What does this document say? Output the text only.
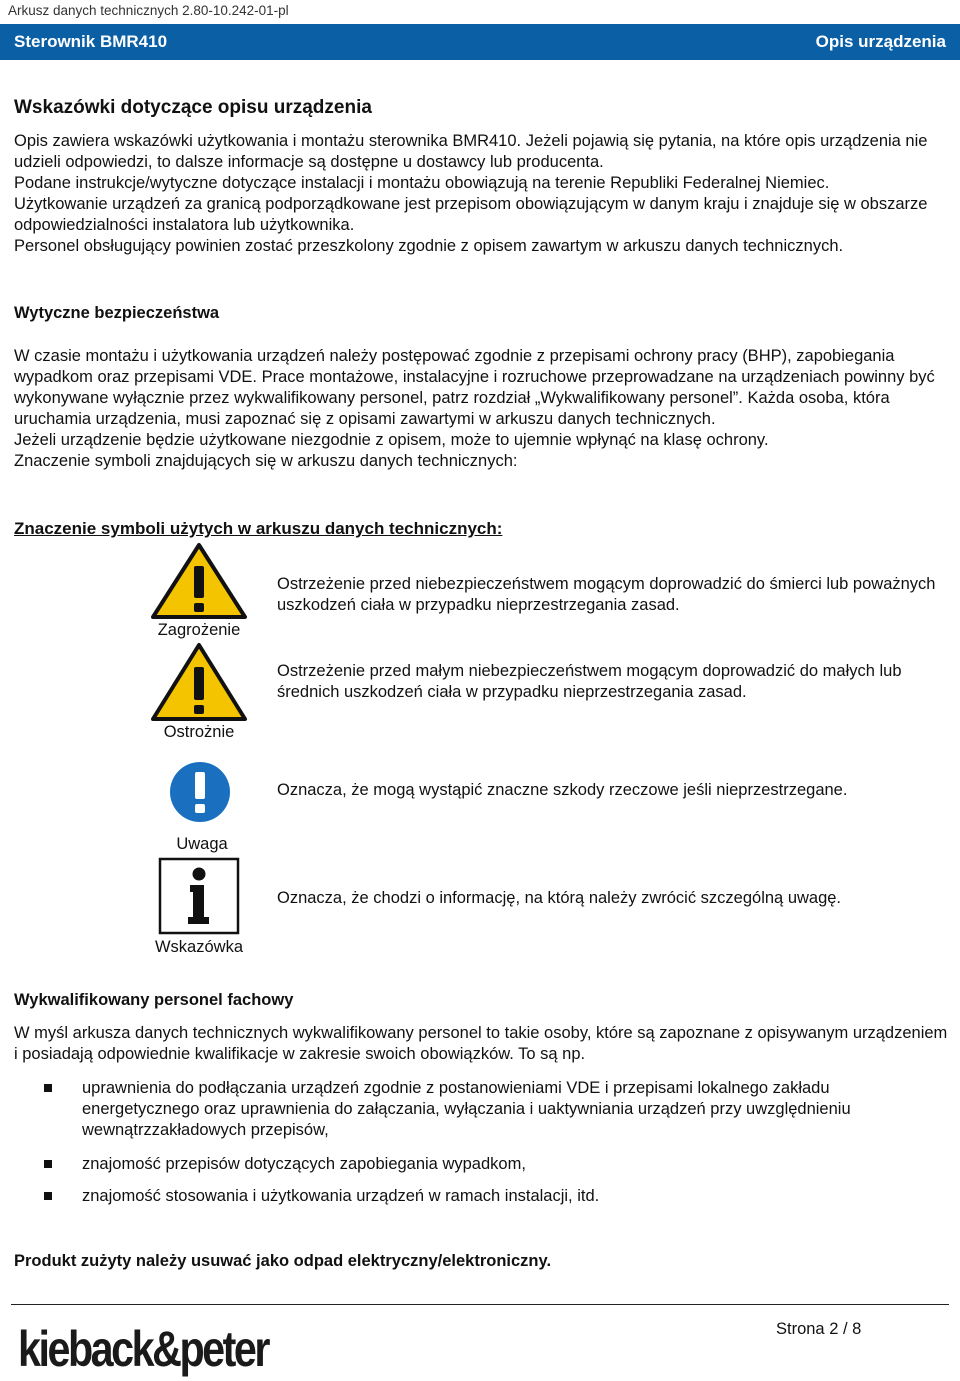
Arkusz danych technicznych 2.80-10.242-01-pl
Sterownik BMR410	Opis urządzenia
Wskazówki dotyczące opisu urządzenia

Opis zawiera wskazówki użytkowania i montażu sterownika BMR410. Jeżeli pojawią się pytania, na które opis urządzenia nie udzieli odpowiedzi, to dalsze informacje są dostępne u dostawcy lub producenta.

Podane instrukcje/wytyczne dotyczące instalacji i montażu obowiązują na terenie Republiki Federalnej Niemiec.

Użytkowanie urządzeń za granicą podporządkowane jest przepisom obowiązującym w danym kraju i znajduje się w obszarze odpowiedzialności instalatora lub użytkownika.

Personel obsługujący powinien zostać przeszkolony zgodnie z opisem zawartym w arkuszu danych technicznych.

Wytyczne bezpieczeństwa

W czasie montażu i użytkowania urządzeń należy postępować zgodnie z przepisami ochrony pracy (BHP), zapobiegania wypadkom oraz przepisami VDE. Prace montażowe, instalacyjne i rozruchowe przeprowadzane na urządzeniach powinny być wykonywane wyłącznie przez wykwalifikowany personel, patrz rozdział „Wykwalifikowany personel”. Każda osoba, która uruchamia urządzenia, musi zapoznać się z opisami zawartymi w arkuszu danych technicznych.

Jeżeli urządzenie będzie użytkowane niezgodnie z opisem, może to ujemnie wpłynąć na klasę ochrony.

Znaczenie symboli znajdujących się w arkuszu danych technicznych:

Znaczenie symboli użytych w arkuszu danych technicznych:
Zagrożenie
Ostrzeżenie przed niebezpieczeństwem mogącym doprowadzić do śmierci lub poważnych uszkodzeń ciała w przypadku nieprzestrzegania zasad.
Ostrożnie
Ostrzeżenie przed małym niebezpieczeństwem mogącym doprowadzić do małych lub średnich uszkodzeń ciała w przypadku nieprzestrzegania zasad.
Uwaga
Oznacza, że mogą wystąpić znaczne szkody rzeczowe jeśli nieprzestrzegane.
Wskazówka
Oznacza, że chodzi o informację, na którą należy zwrócić szczególną uwagę.
Wykwalifikowany personel fachowy
W myśl arkusza danych technicznych wykwalifikowany personel to takie osoby, które są zapoznane z opisywanym urządzeniem i posiadają odpowiednie kwalifikacje w zakresie swoich obowiązków. To są np.
uprawnienia do podłączania urządzeń zgodnie z postanowieniami VDE i przepisami lokalnego zakładu energetycznego oraz uprawnienia do załączania, wyłączania i uaktywniania urządzeń przy uwzględnieniu wewnątrzzakładowych przepisów,
znajomość przepisów dotyczących zapobiegania wypadkom,
znajomość stosowania i użytkowania urządzeń w ramach instalacji, itd.
Produkt zużyty należy usuwać jako odpad elektryczny/elektroniczny.
Strona 2 / 8
kieback&peter
